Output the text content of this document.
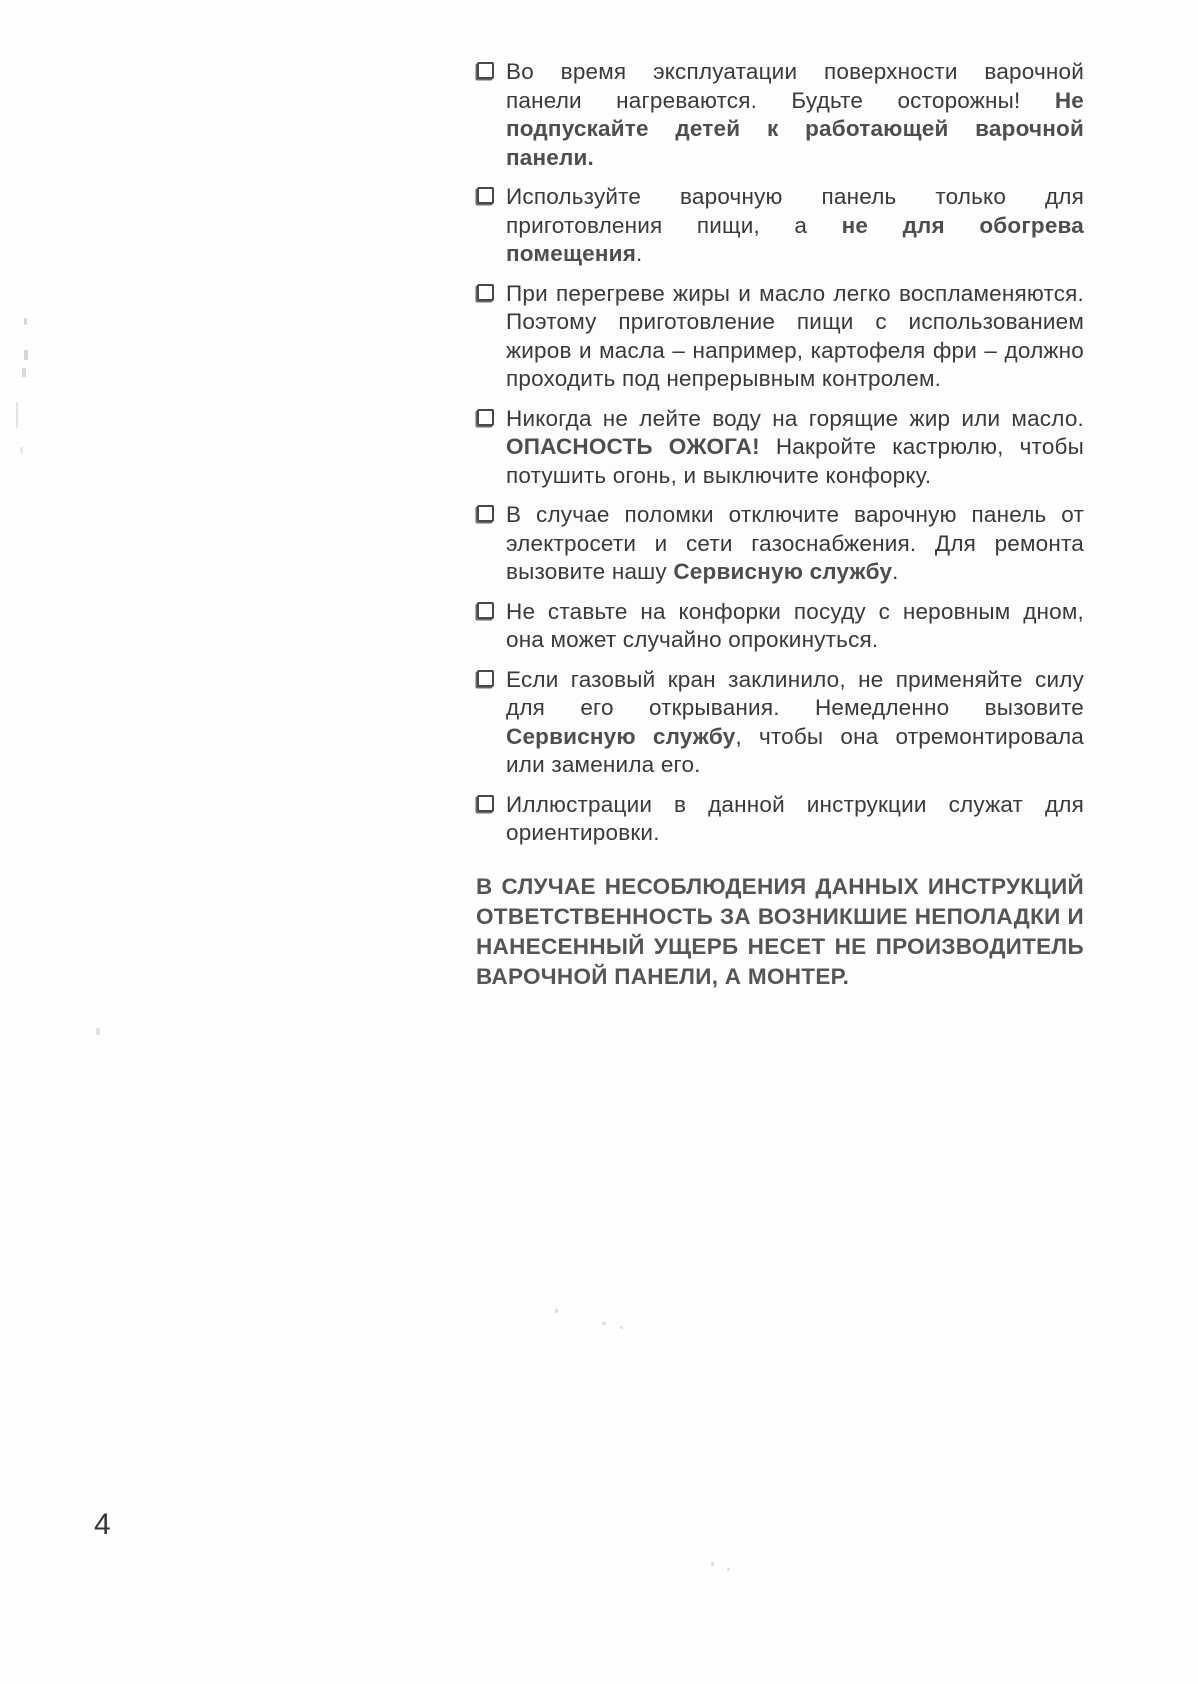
Во время эксплуатации поверхности варочной панели нагреваются. Будьте осторожны! Не подпускайте детей к работающей варочной панели.
Используйте варочную панель только для приготовления пищи, а не для обогрева помещения.
При перегреве жиры и масло легко воспламеняются. Поэтому приготовление пищи с использованием жиров и масла – например, картофеля фри – должно проходить под непрерывным контролем.
Никогда не лейте воду на горящие жир или масло. ОПАСНОСТЬ ОЖОГА! Накройте кастрюлю, чтобы потушить огонь, и выключите конфорку.
В случае поломки отключите варочную панель от электросети и сети газоснабжения. Для ремонта вызовите нашу Сервисную службу.
Не ставьте на конфорки посуду с неровным дном, она может случайно опрокинуться.
Если газовый кран заклинило, не применяйте силу для его открывания. Немедленно вызовите Сервисную службу, чтобы она отремонтировала или заменила его.
Иллюстрации в данной инструкции служат для ориентировки.

В СЛУЧАЕ НЕСОБЛЮДЕНИЯ ДАННЫХ ИНСТРУКЦИЙ ОТВЕТСТВЕННОСТЬ ЗА ВОЗНИКШИЕ НЕПОЛАДКИ И НАНЕСЕННЫЙ УЩЕРБ НЕСЕТ НЕ ПРОИЗВОДИТЕЛЬ ВАРОЧНОЙ ПАНЕЛИ, А МОНТЕР.

4
